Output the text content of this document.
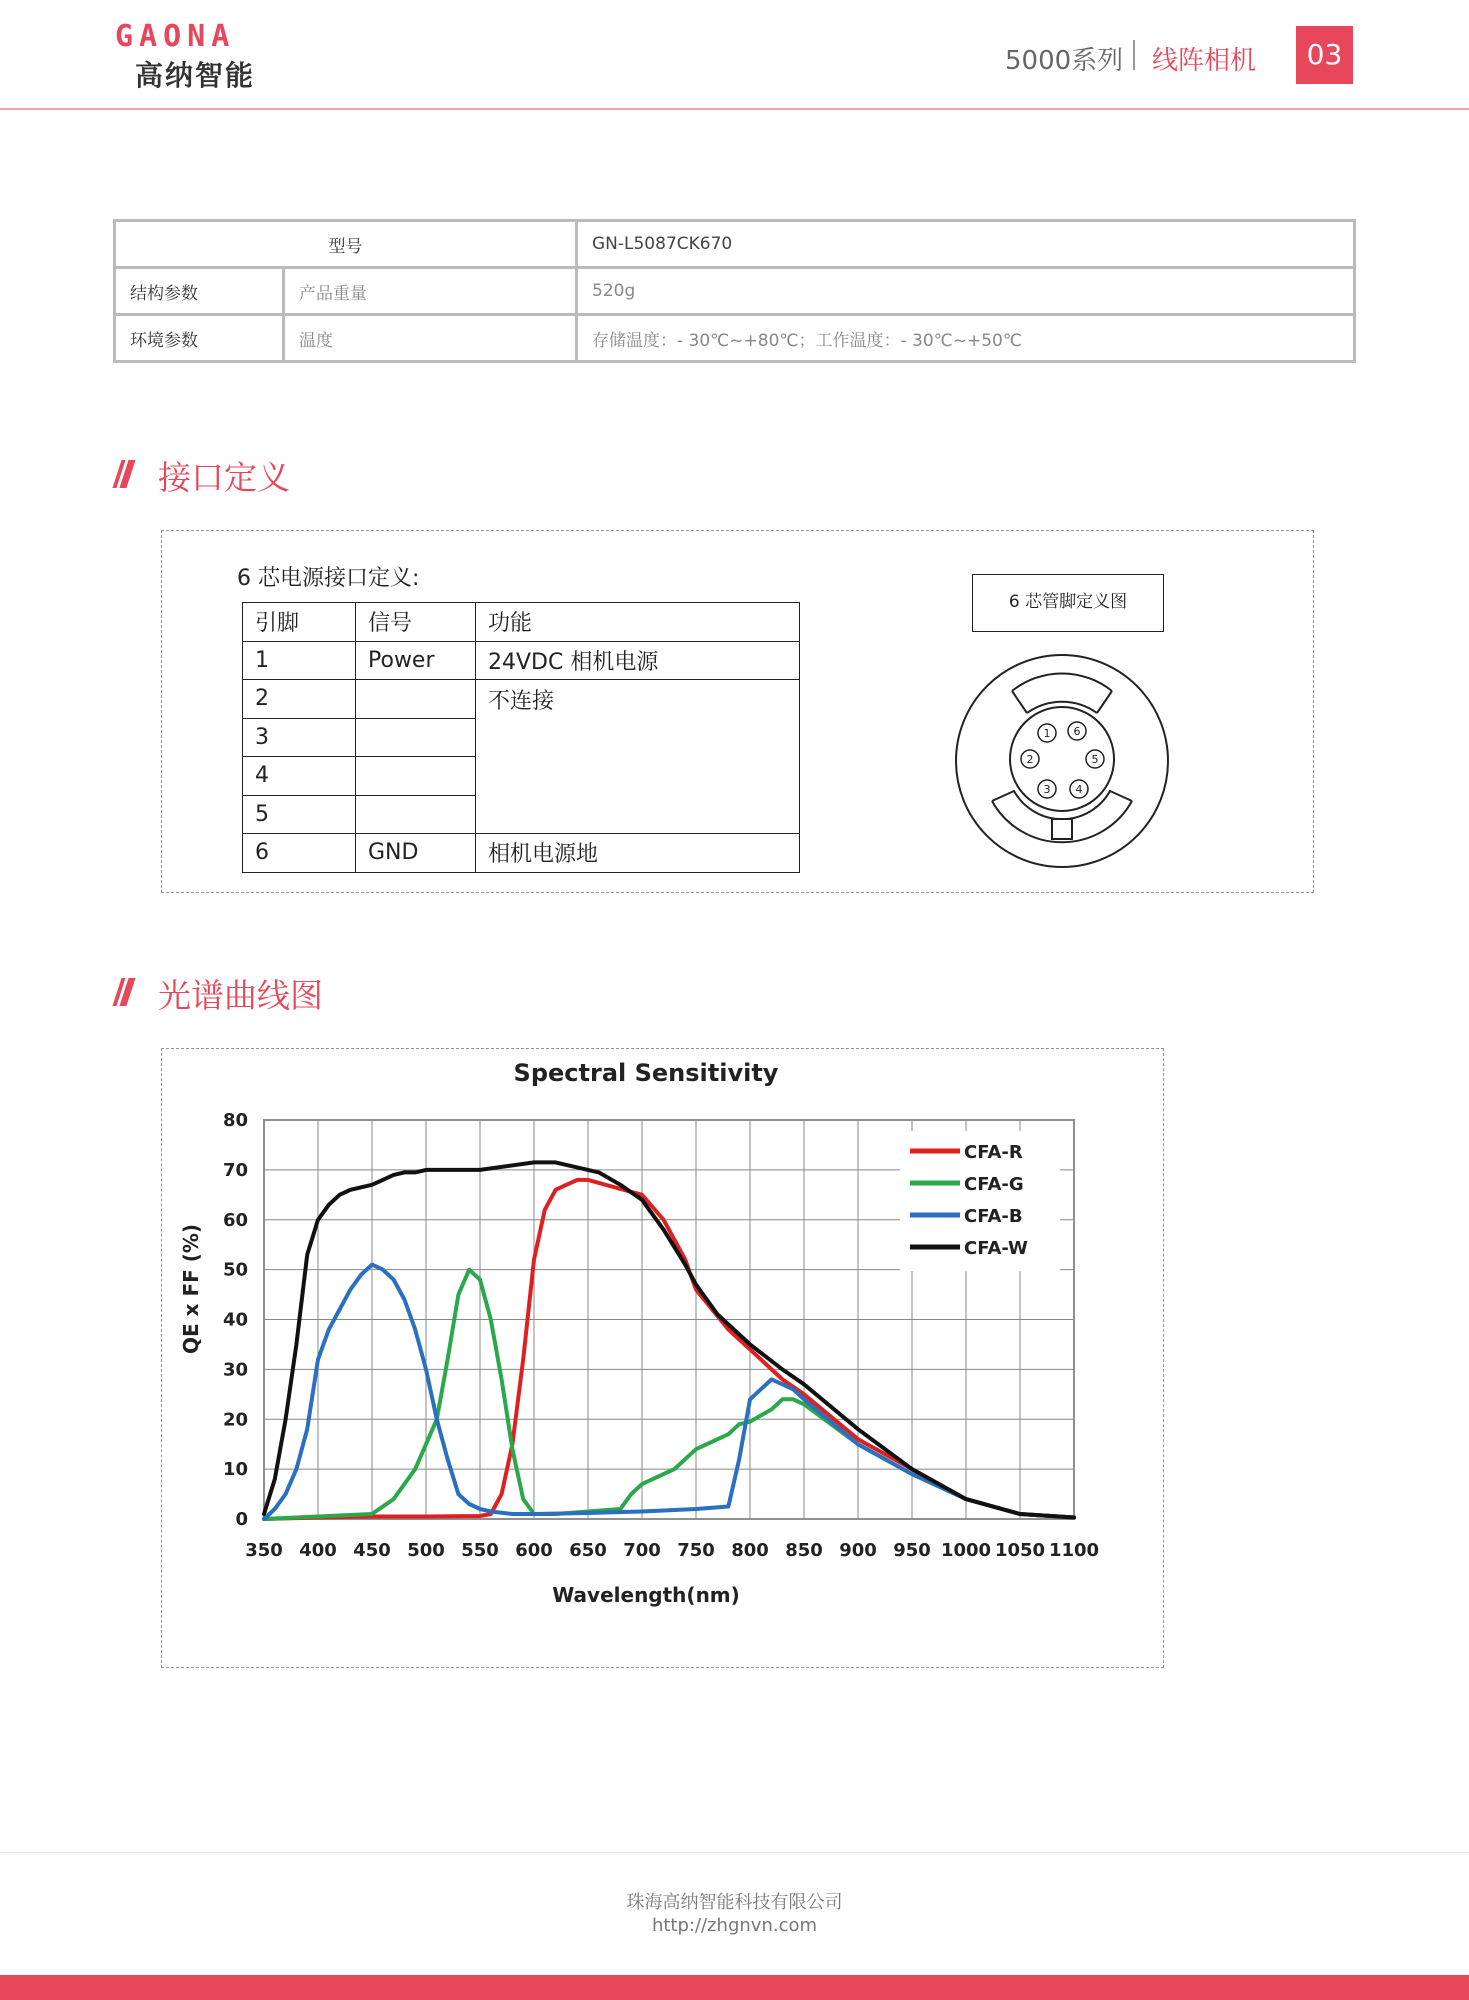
GAONA
高纳智能	5000系列 线阵相机	03
型号		GN-L5087CK670
结构参数	产品重量	520g
环境参数	温度	存储温度：- 30℃~+80℃；工作温度：- 30℃~+50℃
接口定义
6 芯电源接口定义:
引脚	信号	功能
1	Power	24VDC 相机电源
2		不连接
3		
4		
5		
6	GND	相机电源地
6 芯管脚定义图
1 6
2	5
3 4
光谱曲线图
Spectral Sensitivity
Wavelength(nm)
QE x FF (%)
350 400 450 500 550 600 650 700 750 800 850 900 950 1000 1050 1100
0
10
20
30
40
50
60
70
80
CFA-R
CFA-G
CFA-B
CFA-W
珠海高纳智能科技有限公司
http://zhgnvn.com
